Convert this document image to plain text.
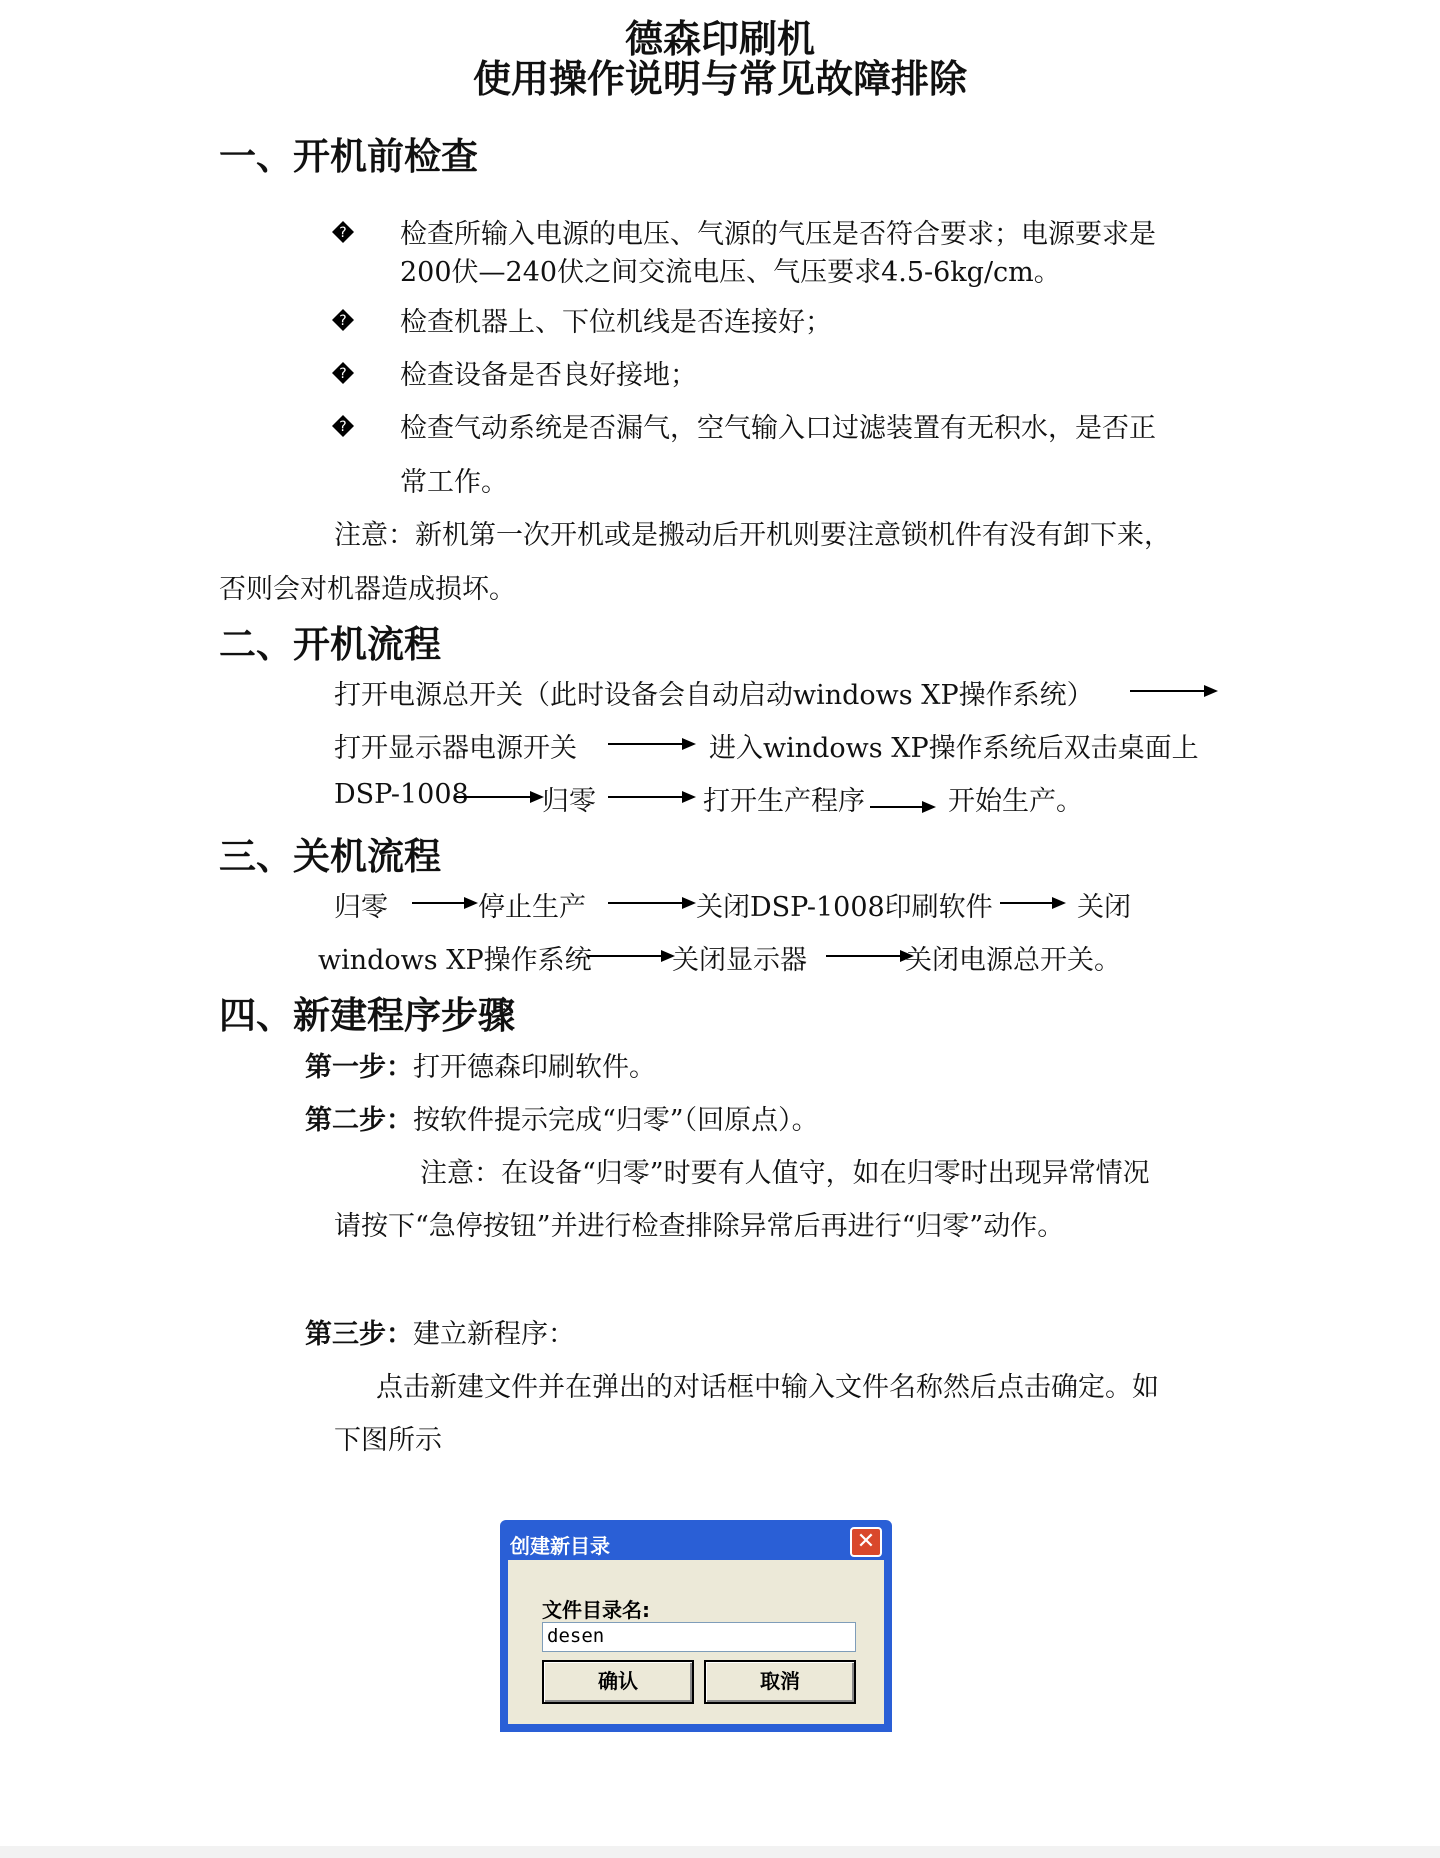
德森印刷机
使用操作说明与常见故障排除
一、开机前检查
? 检查所输入电源的电压、气源的气压是否符合要求；电源要求是
200伏—240伏之间交流电压、气压要求4.5-6kg/cm。
? 检查机器上、下位机线是否连接好；
? 检查设备是否良好接地；
? 检查气动系统是否漏气，空气输入口过滤装置有无积水，是否正
常工作。
注意：新机第一次开机或是搬动后开机则要注意锁机件有没有卸下来，
否则会对机器造成损坏。
二、开机流程
打开电源总开关（此时设备会自动启动windows XP操作系统）
打开显示器电源开关	进入windows XP操作系统后双击桌面上
DSP-1008	归零	打开生产程序	开始生产。
三、关机流程
归零	停止生产	关闭DSP-1008印刷软件	关闭
windows XP操作系统	关闭显示器	关闭电源总开关。
四、新建程序步骤
第一步：打开德森印刷软件。
第二步：按软件提示完成“归零”（回原点）。
注意：在设备“归零”时要有人值守，如在归零时出现异常情况
请按下“急停按钮”并进行检查排除异常后再进行“归零”动作。
第三步：建立新程序：
点击新建文件并在弹出的对话框中输入文件名称然后点击确定。如
下图所示
创建新目录	✕
文件目录名:
desen
确认	取消
